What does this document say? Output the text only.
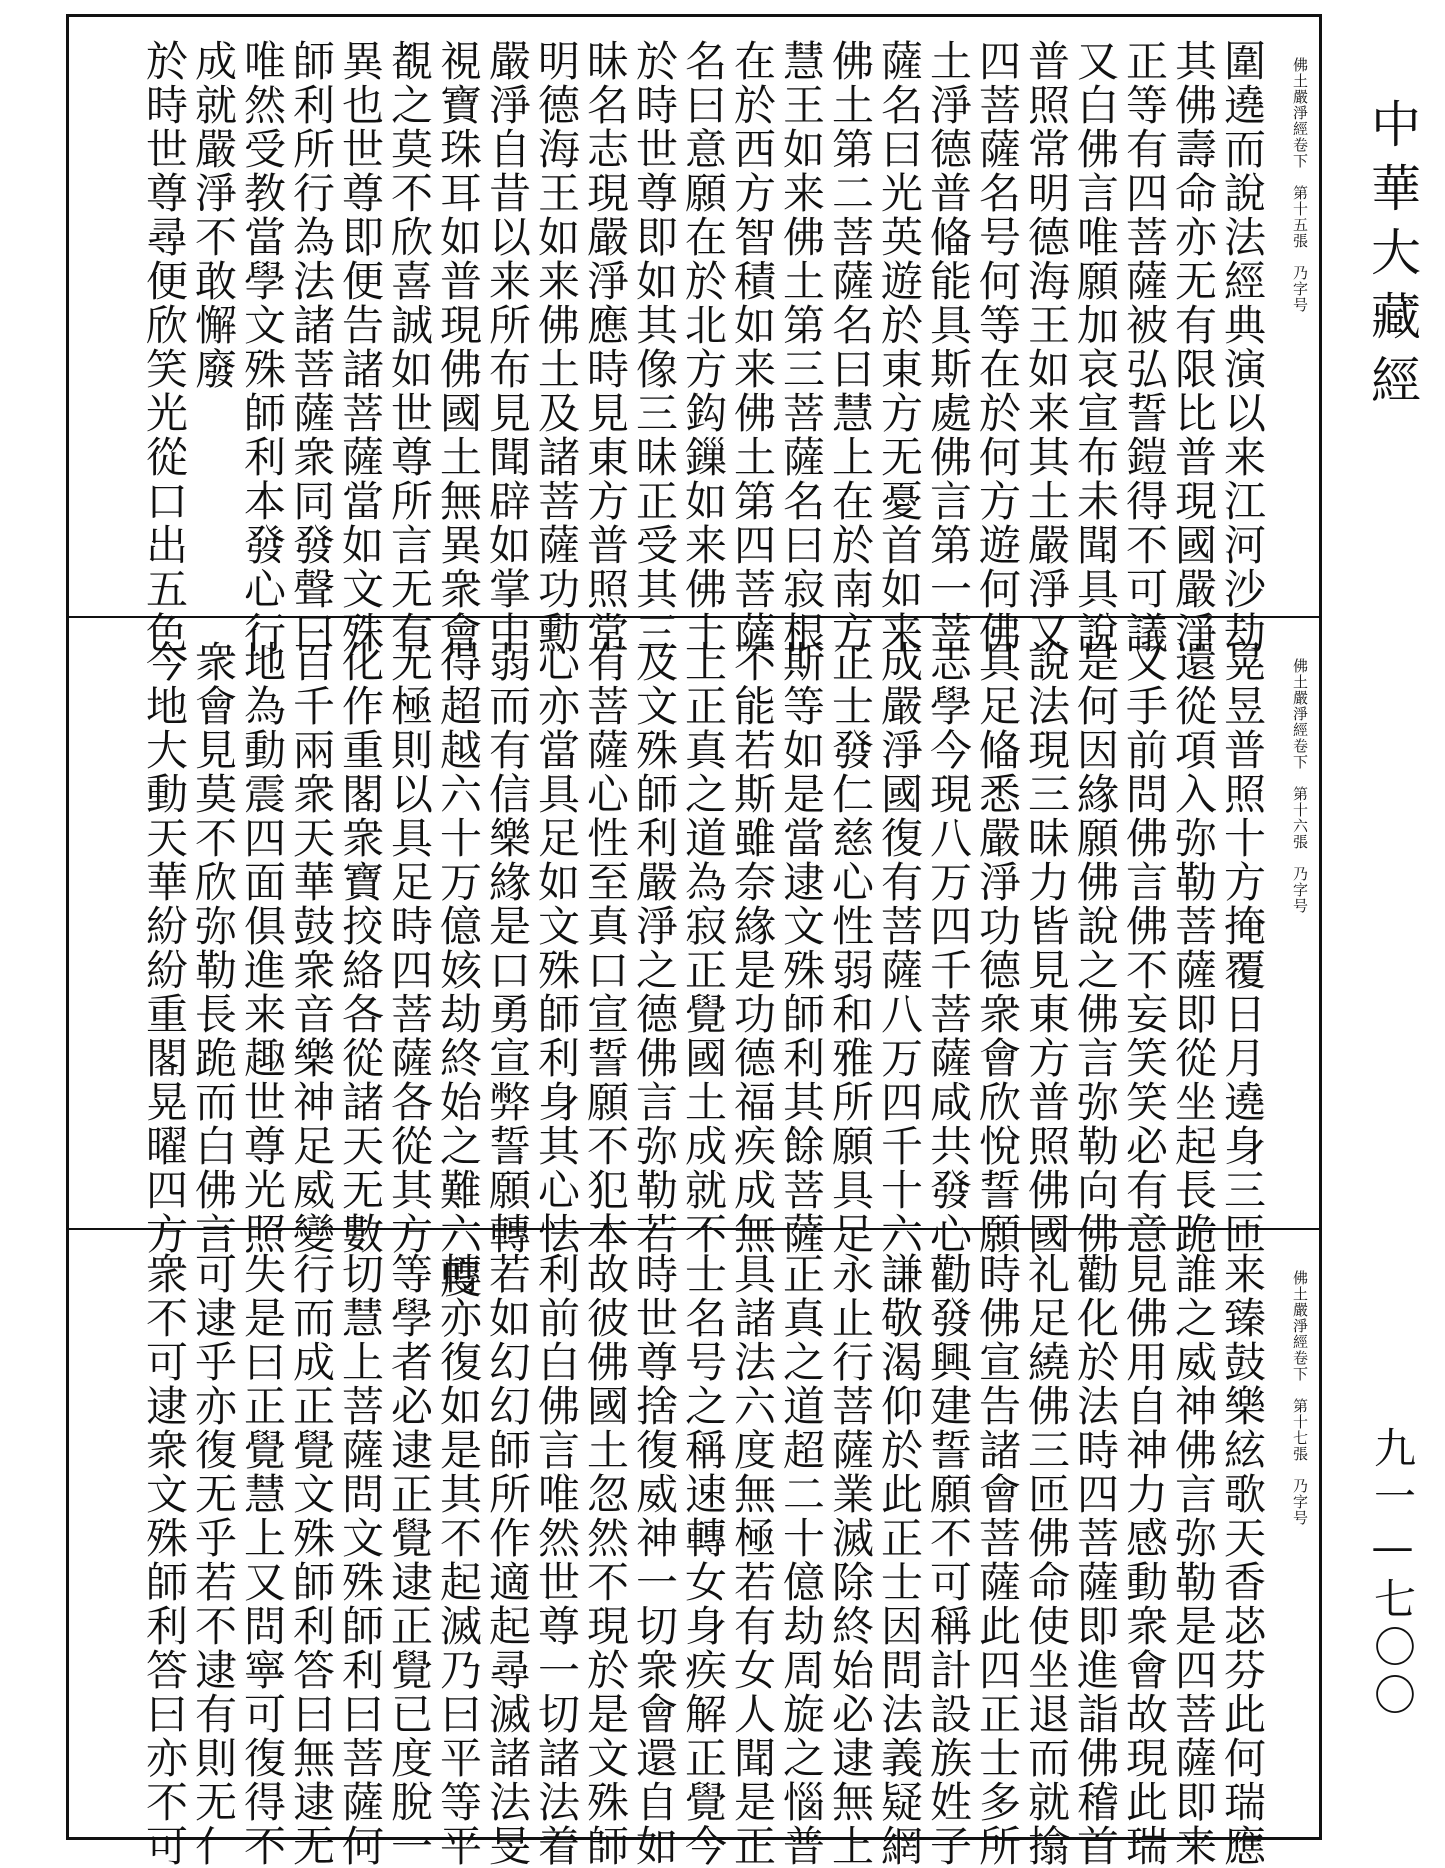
中華大藏經
九一—七〇〇
佛土嚴淨經卷下　第十五張　乃字号
圍遶而說法經典演以来江河沙劫
其佛壽命亦无有限比普現國嚴淨
正等有四菩薩被弘誓鎧得不可議
又白佛言唯願加哀宣布未聞具說
普照常明德海王如来其土嚴淨又
四菩薩名号何等在於何方遊何佛
土淨德普偹能具斯處佛言第一菩
薩名曰光英遊於東方无憂首如来
佛土第二菩薩名曰慧上在於南方
慧王如来佛土第三菩薩名曰寂根
在於西方智積如来佛土第四菩薩
名曰意願在於北方鈎鏁如来佛土
於時世尊即如其像三昧正受其三
昧名志現嚴淨應時見東方普照常
明德海王如来佛土及諸菩薩功勳
嚴淨自昔以来所布見聞辟如掌中
視寶珠耳如普現佛國土無異衆會
覩之莫不欣喜誠如世尊所言无有
異也世尊即便告諸菩薩當如文殊
師利所行為法諸菩薩衆同發聲曰
唯然受教當學文殊師利本發心行
成就嚴淨不敢懈廢
於時世尊尋便欣笑光從口出五色
佛土嚴淨經卷下　第十六張　乃字号
晃昱普照十方掩覆日月遶身三匝
還從項入弥勒菩薩即從坐起長跪
又手前問佛言佛不妄笑笑必有意
是何因緣願佛說之佛言弥勒向佛
說法現三昧力皆見東方普照佛國
具足偹悉嚴淨功德衆會欣悅誓願
志學今現八万四千菩薩咸共發心
成嚴淨國復有菩薩八万四千十六
正士發仁慈心性弱和雅所願具足
斯等如是當逮文殊師利其餘菩薩
不能若斯雖奈緣是功德福疾成無
上正真之道為寂正覺國土成就不
及文殊師利嚴淨之德佛言弥勒若
有菩薩心性至真口宣誓願不犯本
心亦當具足如文殊師利身其心怯
弱而有信樂緣是口勇宣弊誓願轉
得超越六十万億姟劫終始之難六度
无極則以具足時四菩薩各從其方
化作重閣衆寶挍絡各從諸天无數
百千兩衆天華鼓衆音樂神足威變
地為動震四面俱進来趣世尊光照
衆會見莫不欣弥勒長跪而白佛言
今地大動天華紛紛重閣晃曜四方
佛土嚴淨經卷下　第十七張　乃字号
来臻鼓樂絃歌天香苾芬此何瑞應
誰之威神佛言弥勒是四菩薩即来
見佛用自神力感動衆會故現此瑞
勸化於法時四菩薩即進詣佛稽首
礼足繞佛三匝佛命使坐退而就㩉
時佛宣告諸會菩薩此四正士多所
勸發興建誓願不可稱計設族姓子
謙敬渴仰於此正士因問法義疑網
永止行菩薩業滅除終始必逮無上
正真之道超二十億劫周旋之惱普
具諸法六度無極若有女人聞是正
士名号之稱速轉女身疾解正覺今
時世尊捨復威神一切衆會還自如
故彼佛國土忽然不現於是文殊師
利前白佛言唯然世尊一切諸法着
若如幻幻師所作適起尋滅諸法旻
轉亦復如是其不起滅乃曰平等平
等學者必逮正覺逮正覺已度脫一
切慧上菩薩問文殊師利曰菩薩何
行而成正覺文殊師利答曰無逮无
失是曰正覺慧上又問寧可復得不
可逮乎亦復无乎若不逮有則无亻
衆不可逮衆文殊師利答曰亦不可
